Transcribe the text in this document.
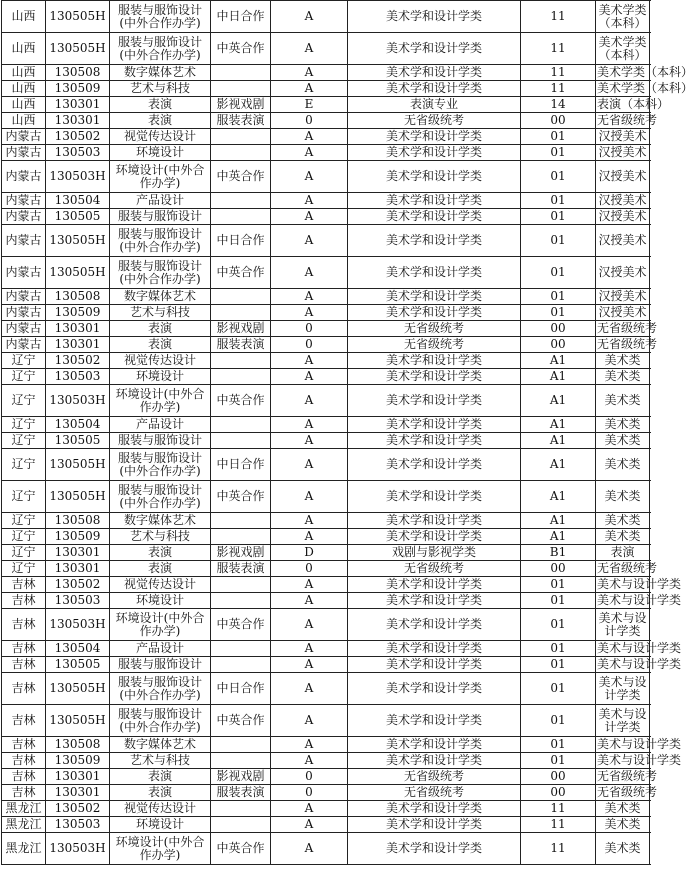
山西	130505H	服装与服饰设计(中外合作办学)	中日合作	A	美术学和设计学类	11	美术学类（本科）
山西	130505H	服装与服饰设计(中外合作办学)	中英合作	A	美术学和设计学类	11	美术学类（本科）
山西	130508	数字媒体艺术		A	美术学和设计学类	11	美术学类（本科）
山西	130509	艺术与科技		A	美术学和设计学类	11	美术学类（本科）
山西	130301	表演	影视戏剧	E	表演专业	14	表演（本科）
山西	130301	表演	服装表演	0	无省级统考	00	无省级统考
内蒙古	130502	视觉传达设计		A	美术学和设计学类	01	汉授美术
内蒙古	130503	环境设计		A	美术学和设计学类	01	汉授美术
内蒙古	130503H	环境设计(中外合作办学)	中英合作	A	美术学和设计学类	01	汉授美术
内蒙古	130504	产品设计		A	美术学和设计学类	01	汉授美术
内蒙古	130505	服装与服饰设计		A	美术学和设计学类	01	汉授美术
内蒙古	130505H	服装与服饰设计(中外合作办学)	中日合作	A	美术学和设计学类	01	汉授美术
内蒙古	130505H	服装与服饰设计(中外合作办学)	中英合作	A	美术学和设计学类	01	汉授美术
内蒙古	130508	数字媒体艺术		A	美术学和设计学类	01	汉授美术
内蒙古	130509	艺术与科技		A	美术学和设计学类	01	汉授美术
内蒙古	130301	表演	影视戏剧	0	无省级统考	00	无省级统考
内蒙古	130301	表演	服装表演	0	无省级统考	00	无省级统考
辽宁	130502	视觉传达设计		A	美术学和设计学类	A1	美术类
辽宁	130503	环境设计		A	美术学和设计学类	A1	美术类
辽宁	130503H	环境设计(中外合作办学)	中英合作	A	美术学和设计学类	A1	美术类
辽宁	130504	产品设计		A	美术学和设计学类	A1	美术类
辽宁	130505	服装与服饰设计		A	美术学和设计学类	A1	美术类
辽宁	130505H	服装与服饰设计(中外合作办学)	中日合作	A	美术学和设计学类	A1	美术类
辽宁	130505H	服装与服饰设计(中外合作办学)	中英合作	A	美术学和设计学类	A1	美术类
辽宁	130508	数字媒体艺术		A	美术学和设计学类	A1	美术类
辽宁	130509	艺术与科技		A	美术学和设计学类	A1	美术类
辽宁	130301	表演	影视戏剧	D	戏剧与影视学类	B1	表演
辽宁	130301	表演	服装表演	0	无省级统考	00	无省级统考
吉林	130502	视觉传达设计		A	美术学和设计学类	01	美术与设计学类
吉林	130503	环境设计		A	美术学和设计学类	01	美术与设计学类
吉林	130503H	环境设计(中外合作办学)	中英合作	A	美术学和设计学类	01	美术与设计学类
吉林	130504	产品设计		A	美术学和设计学类	01	美术与设计学类
吉林	130505	服装与服饰设计		A	美术学和设计学类	01	美术与设计学类
吉林	130505H	服装与服饰设计(中外合作办学)	中日合作	A	美术学和设计学类	01	美术与设计学类
吉林	130505H	服装与服饰设计(中外合作办学)	中英合作	A	美术学和设计学类	01	美术与设计学类
吉林	130508	数字媒体艺术		A	美术学和设计学类	01	美术与设计学类
吉林	130509	艺术与科技		A	美术学和设计学类	01	美术与设计学类
吉林	130301	表演	影视戏剧	0	无省级统考	00	无省级统考
吉林	130301	表演	服装表演	0	无省级统考	00	无省级统考
黑龙江	130502	视觉传达设计		A	美术学和设计学类	11	美术类
黑龙江	130503	环境设计		A	美术学和设计学类	11	美术类
黑龙江	130503H	环境设计(中外合作办学)	中英合作	A	美术学和设计学类	11	美术类
